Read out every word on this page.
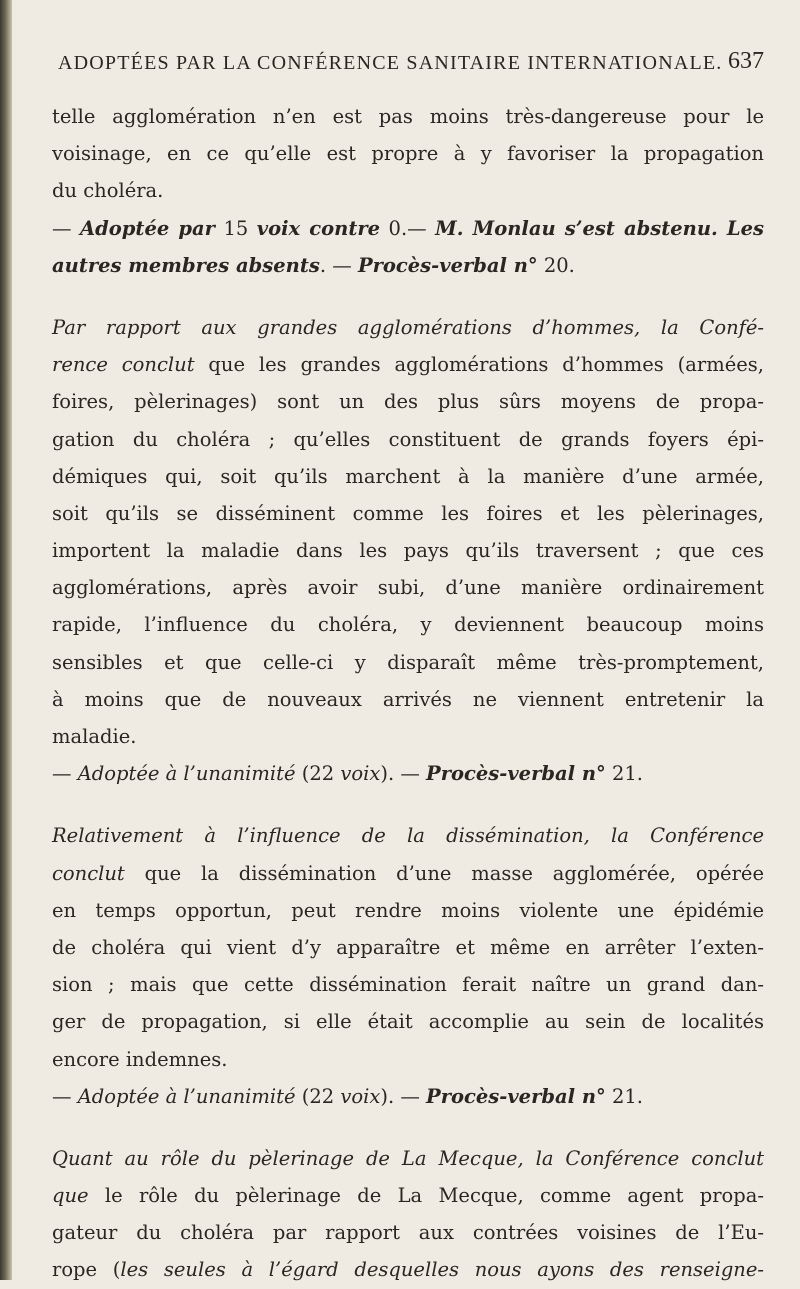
ADOPTÉES PAR LA CONFÉRENCE SANITAIRE INTERNATIONALE. 637
telle agglomération n’en est pas moins très-dangereuse pour le
voisinage, en ce qu’elle est propre à y favoriser la propagation
du choléra.
— Adoptée par 15 voix contre 0.— M. Monlau s’est abstenu. Les
autres membres absents. — Procès-verbal n° 20.
Par rapport aux grandes agglomérations d’hommes, la Confé-
rence conclut que les grandes agglomérations d’hommes (armées,
foires, pèlerinages) sont un des plus sûrs moyens de propa-
gation du choléra ; qu’elles constituent de grands foyers épi-
démiques qui, soit qu’ils marchent à la manière d’une armée,
soit qu’ils se disséminent comme les foires et les pèlerinages,
importent la maladie dans les pays qu’ils traversent ; que ces
agglomérations, après avoir subi, d’une manière ordinairement
rapide, l’influence du choléra, y deviennent beaucoup moins
sensibles et que celle-ci y disparaît même très-promptement,
à moins que de nouveaux arrivés ne viennent entretenir la
maladie.
— Adoptée à l’unanimité (22 voix). — Procès-verbal n° 21.
Relativement à l’influence de la dissémination, la Conférence
conclut que la dissémination d’une masse agglomérée, opérée
en temps opportun, peut rendre moins violente une épidémie
de choléra qui vient d’y apparaître et même en arrêter l’exten-
sion ; mais que cette dissémination ferait naître un grand dan-
ger de propagation, si elle était accomplie au sein de localités
encore indemnes.
— Adoptée à l’unanimité (22 voix). — Procès-verbal n° 21.
Quant au rôle du pèlerinage de La Mecque, la Conférence conclut
que le rôle du pèlerinage de La Mecque, comme agent propa-
gateur du choléra par rapport aux contrées voisines de l’Eu-
rope (les seules à l’égard desquelles nous ayons des renseigne-
